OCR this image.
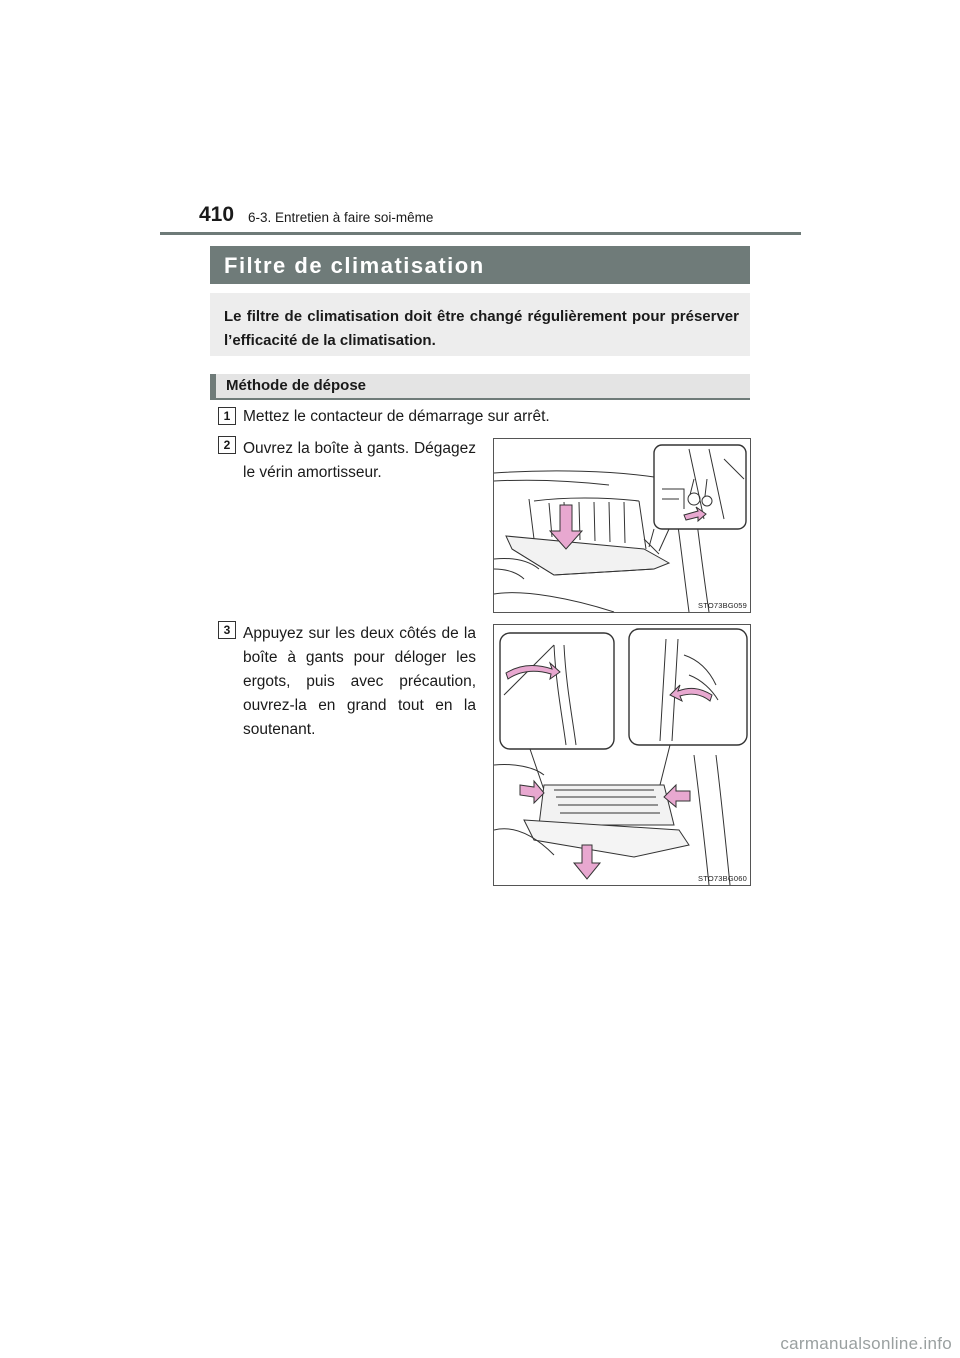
410 6-3. Entretien à faire soi-même
Filtre de climatisation
Le filtre de climatisation doit être changé régulièrement pour préserver l’efficacité de la climatisation.
Méthode de dépose
1 Mettez le contacteur de démarrage sur arrêt.
2 Ouvrez la boîte à gants. Dégagez le vérin amortisseur.
STO73BG059
3 Appuyez sur les deux côtés de la boîte à gants pour déloger les ergots, puis avec précaution, ouvrez-la en grand tout en la soutenant.
STO73BG060
carmanualsonline.info
